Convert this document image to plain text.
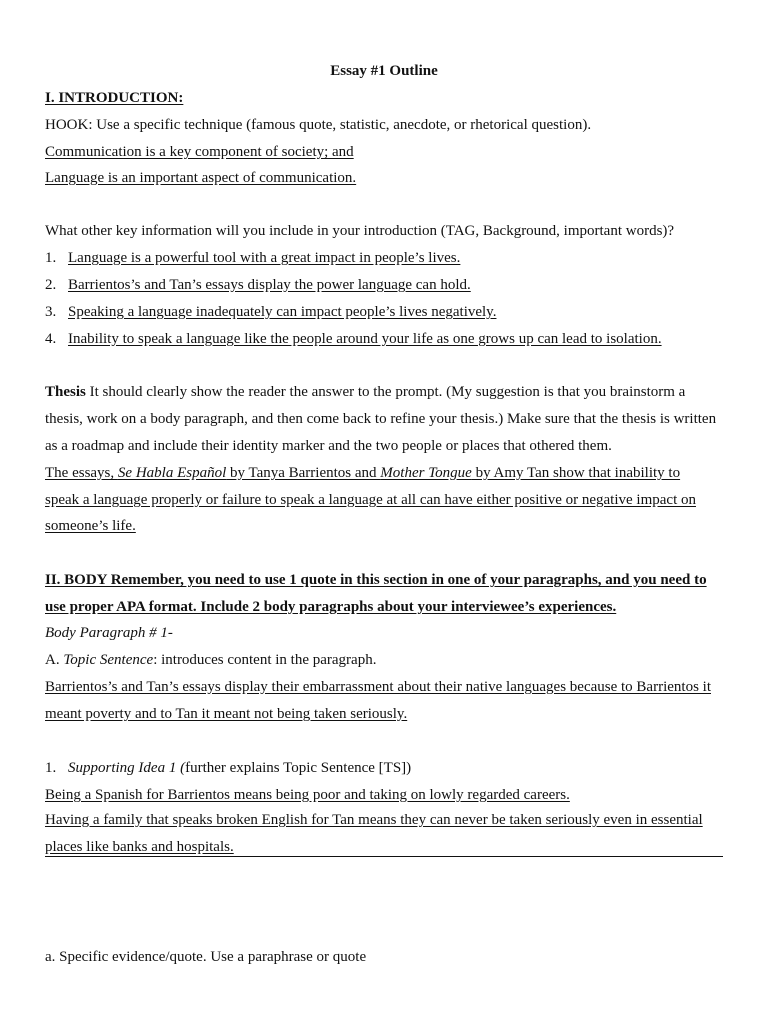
Essay #1 Outline
I. INTRODUCTION:
HOOK: Use a specific technique (famous quote, statistic, anecdote, or rhetorical question).
Communication is a key component of society; and
Language is an important aspect of communication.
What other key information will you include in your introduction (TAG, Background, important words)?
1. Language is a powerful tool with a great impact in people’s lives.
2. Barrientos’s and Tan’s essays display the power language can hold.
3. Speaking a language inadequately can impact people’s lives negatively.
4. Inability to speak a language like the people around your life as one grows up can lead to isolation.
Thesis It should clearly show the reader the answer to the prompt. (My suggestion is that you brainstorm a
thesis, work on a body paragraph, and then come back to refine your thesis.) Make sure that the thesis is written
as a roadmap and include their identity marker and the two people or places that othered them.
The essays, Se Habla Español by Tanya Barrientos and Mother Tongue by Amy Tan show that inability to
speak a language properly or failure to speak a language at all can have either positive or negative impact on
someone’s life.
II. BODY Remember, you need to use 1 quote in this section in one of your paragraphs, and you need to
use proper APA format. Include 2 body paragraphs about your interviewee’s experiences.
Body Paragraph # 1-
A. Topic Sentence: introduces content in the paragraph.
Barrientos’s and Tan’s essays display their embarrassment about their native languages because to Barrientos it
meant poverty and to Tan it meant not being taken seriously.
1. Supporting Idea 1 (further explains Topic Sentence [TS])
Being a Spanish for Barrientos means being poor and taking on lowly regarded careers.
Having a family that speaks broken English for Tan means they can never be taken seriously even in essential
places like banks and hospitals.
a. Specific evidence/quote. Use a paraphrase or quote
